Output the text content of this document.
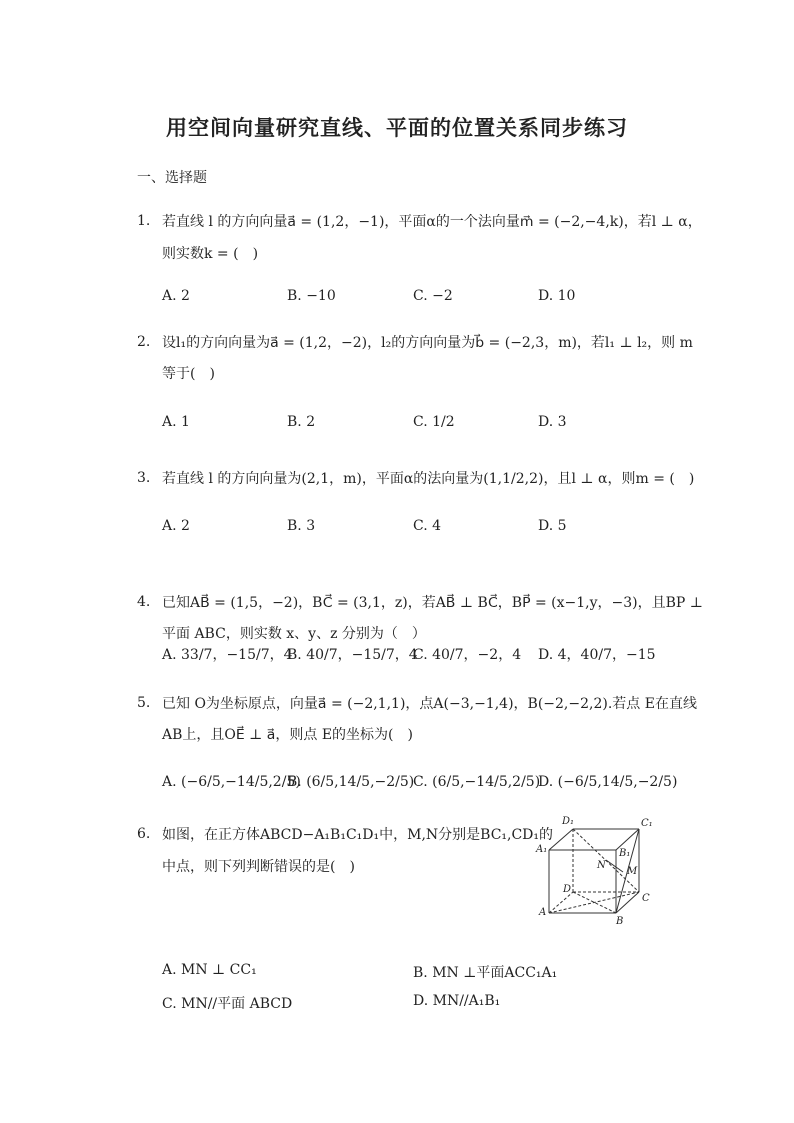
用空间向量研究直线、平面的位置关系同步练习
一、选择题
1. 若直线 l 的方向向量a⃗ = (1,2，−1)，平面α的一个法向量m⃗ = (−2,−4,k)，若l ⊥ α，
则实数k = (　)
A. 2	B. −10	C. −2	D. 10
2. 设l₁的方向向量为a⃗ = (1,2，−2)，l₂的方向向量为b⃗ = (−2,3，m)，若l₁ ⊥ l₂，则 m
等于(　)
A. 1	B. 2	C. 1/2	D. 3
3. 若直线 l 的方向向量为(2,1，m)，平面α的法向量为(1,1/2,2)，且l ⊥ α，则m = (　)
A. 2	B. 3	C. 4	D. 5
4. 已知AB⃗ = (1,5，−2)，BC⃗ = (3,1，z)，若AB⃗ ⊥ BC⃗，BP⃗ = (x−1,y，−3)，且BP ⊥
平面 ABC，则实数 x、y、z 分别为（　）
A. 33/7，−15/7，4
B. 40/7，−15/7，4
C. 40/7，−2，4 D. 4，40/7，−15
5. 已知 O为坐标原点，向量a⃗ = (−2,1,1)，点A(−3,−1,4)，B(−2,−2,2).若点 E在直线
AB上，且OE⃗ ⊥ a⃗，则点 E的坐标为(　)
A. (−6/5,−14/5,2/5)
B. (6/5,14/5,−2/5)
C. (6/5,−14/5,2/5)
D. (−6/5,14/5,−2/5)
6. 如图，在正方体ABCD−A₁B₁C₁D₁中，M,N分别是BC₁,CD₁的
中点，则下列判断错误的是(　)
A. MN ⊥ CC₁	B. MN ⊥平面ACC₁A₁
C. MN//平面 ABCD	D. MN//A₁B₁
D₁	C₁
A₁	B₁
N
M
D
C
A
B
